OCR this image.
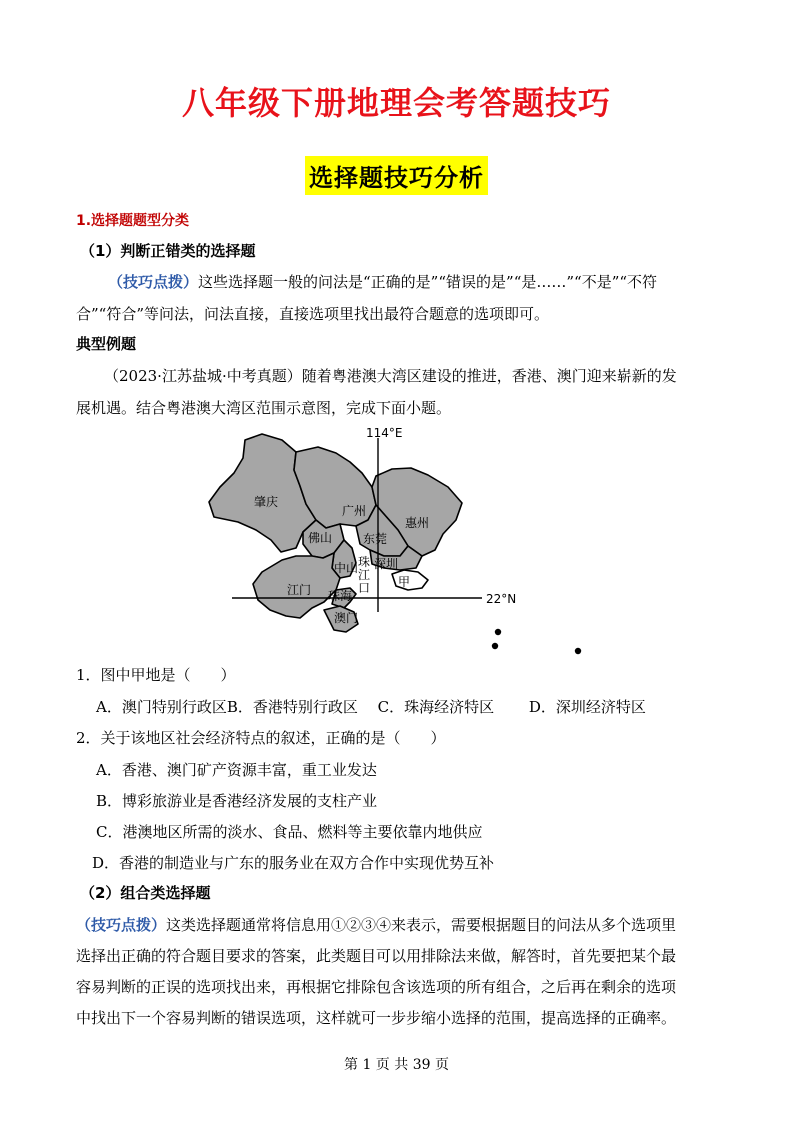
八年级下册地理会考答题技巧
选择题技巧分析
1.选择题题型分类
（1）判断正错类的选择题
（技巧点拨）这些选择题一般的问法是“正确的是”“错误的是”“是……”“不是”“不符
合”“符合”等问法，问法直接，直接选项里找出最符合题意的选项即可。
典型例题
（2023·江苏盐城·中考真题）随着粤港澳大湾区建设的推进，香港、澳门迎来崭新的发
展机遇。结合粤港澳大湾区范围示意图，完成下面小题。
114°E
22°N
肇庆
广州
惠州
佛山	东莞
中山 深圳
江门 珠海
澳门
甲
珠江口
1．图中甲地是（　　）
A．澳门特别行政区B．香港特别行政区　 C．珠海经济特区　　 D．深圳经济特区
2．关于该地区社会经济特点的叙述，正确的是（　　）
A．香港、澳门矿产资源丰富，重工业发达
B．博彩旅游业是香港经济发展的支柱产业
C．港澳地区所需的淡水、食品、燃料等主要依靠内地供应
D．香港的制造业与广东的服务业在双方合作中实现优势互补
（2）组合类选择题
（技巧点拨）这类选择题通常将信息用①②③④来表示，需要根据题目的问法从多个选项里
选择出正确的符合题目要求的答案，此类题目可以用排除法来做，解答时，首先要把某个最
容易判断的正误的选项找出来，再根据它排除包含该选项的所有组合，之后再在剩余的选项
中找出下一个容易判断的错误选项，这样就可一步步缩小选择的范围，提高选择的正确率。
第 1 页 共 39 页
